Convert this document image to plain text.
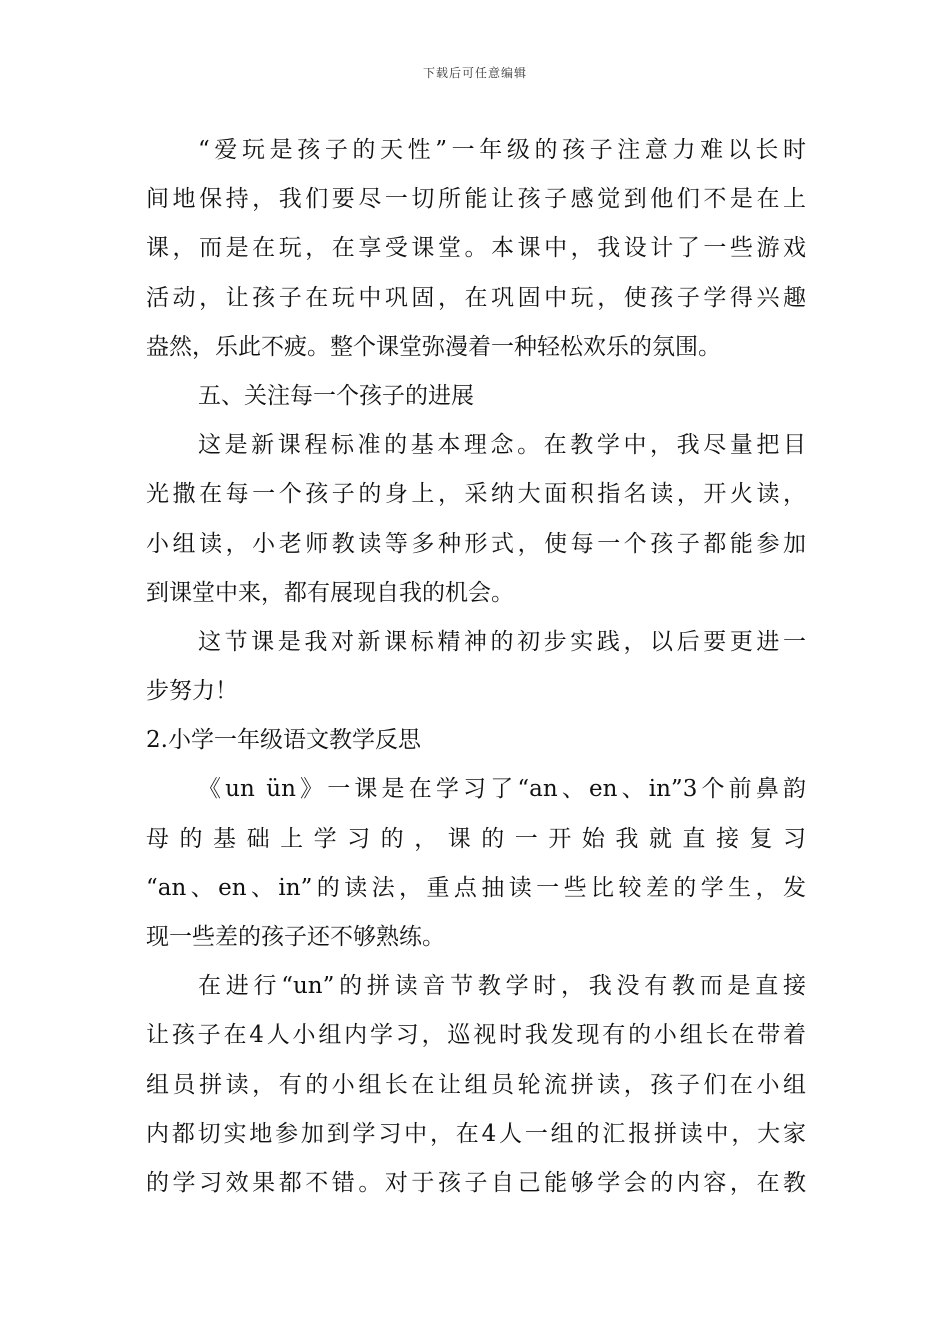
下载后可任意编辑
“爱玩是孩子的天性”一年级的孩子注意力难以长时
间地保持，我们要尽一切所能让孩子感觉到他们不是在上
课，而是在玩，在享受课堂。本课中，我设计了一些游戏
活动，让孩子在玩中巩固，在巩固中玩，使孩子学得兴趣
盎然，乐此不疲。整个课堂弥漫着一种轻松欢乐的氛围。
五、关注每一个孩子的进展
这是新课程标准的基本理念。在教学中，我尽量把目
光撒在每一个孩子的身上，采纳大面积指名读，开火读，
小组读，小老师教读等多种形式，使每一个孩子都能参加
到课堂中来，都有展现自我的机会。
这节课是我对新课标精神的初步实践，以后要更进一
步努力！
2.小学一年级语文教学反思
《un ün》一课是在学习了“an、en、in”3个前鼻韵
母的基础上学习的，课的一开始我就直接复习
“an、en、in”的读法，重点抽读一些比较差的学生，发
现一些差的孩子还不够熟练。
在进行“un”的拼读音节教学时，我没有教而是直接
让孩子在4人小组内学习，巡视时我发现有的小组长在带着
组员拼读，有的小组长在让组员轮流拼读，孩子们在小组
内都切实地参加到学习中，在4人一组的汇报拼读中，大家
的学习效果都不错。对于孩子自己能够学会的内容，在教
